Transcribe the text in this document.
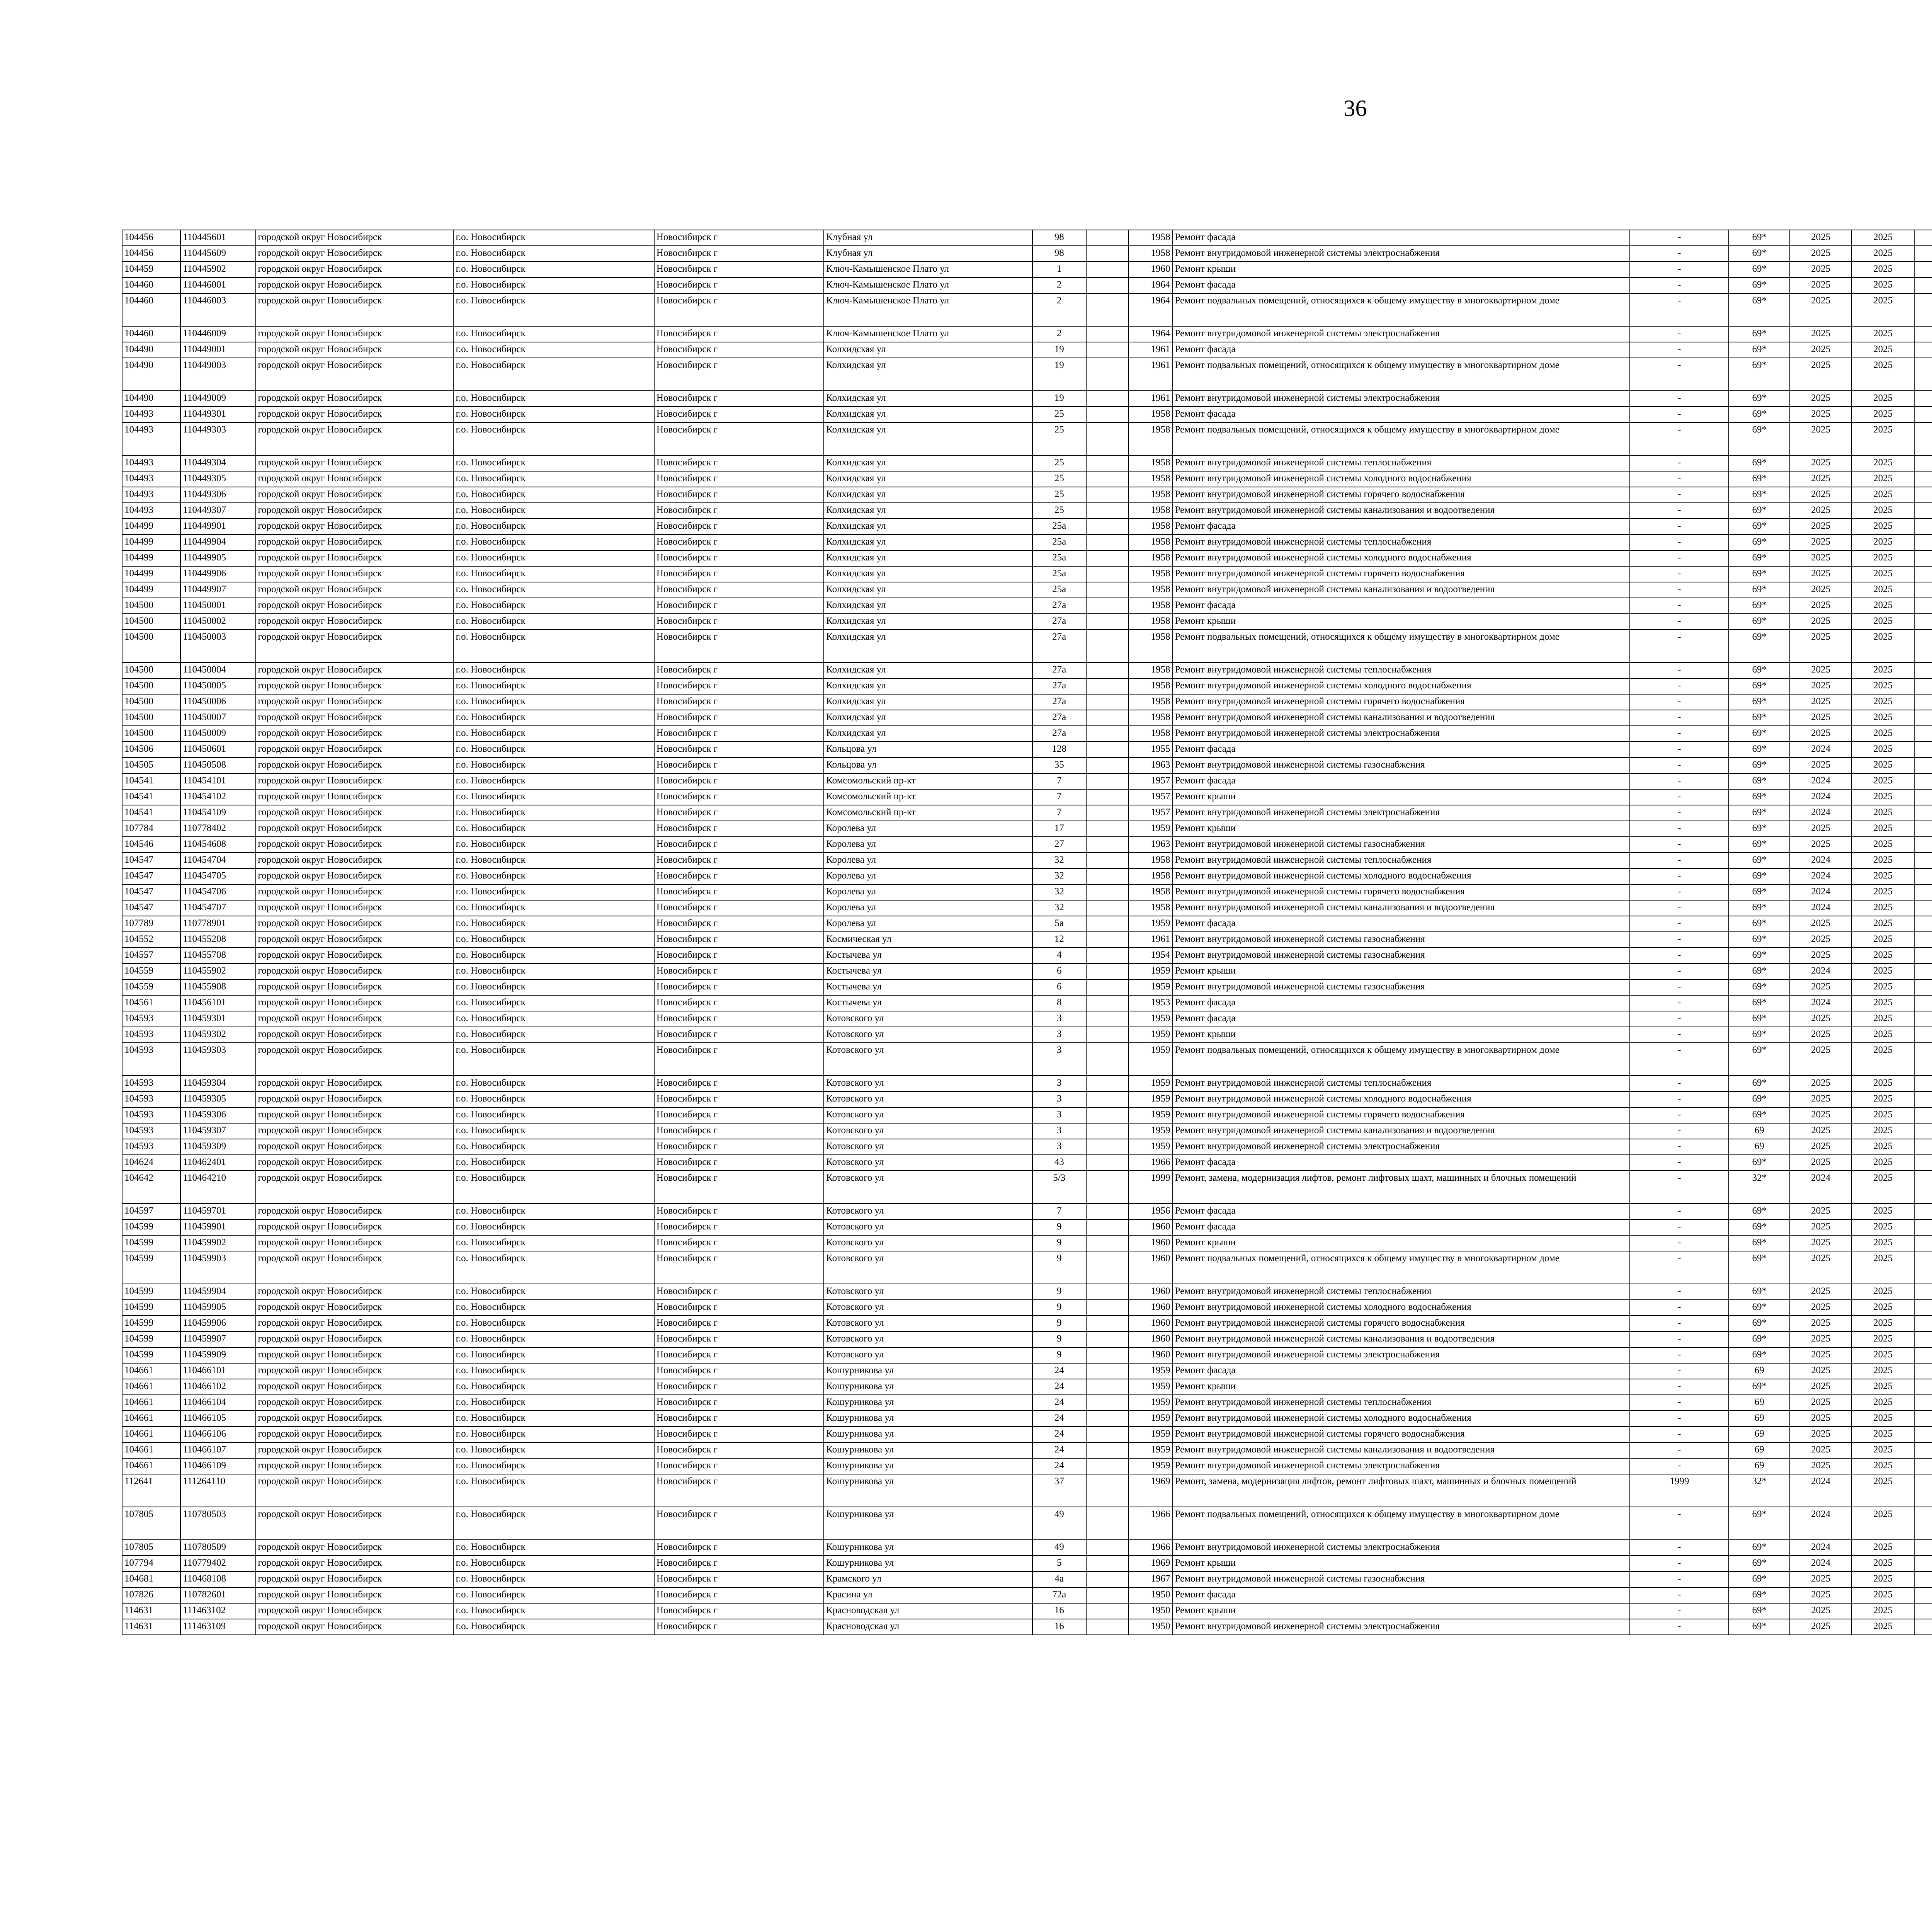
36
104456	110445601	городской округ Новосибирск	г.о. Новосибирск	Новосибирск г	Клубная ул	98		1958	Ремонт фасада	-	69*	2025	2025							
104456	110445609	городской округ Новосибирск	г.о. Новосибирск	Новосибирск г	Клубная ул	98		1958	Ремонт внутридомовой инженерной системы электроснабжения	-	69*	2025	2025							
104459	110445902	городской округ Новосибирск	г.о. Новосибирск	Новосибирск г	Ключ-Камышенское Плато ул	1		1960	Ремонт крыши	-	69*	2025	2025							
104460	110446001	городской округ Новосибирск	г.о. Новосибирск	Новосибирск г	Ключ-Камышенское Плато ул	2		1964	Ремонт фасада	-	69*	2025	2025							
104460	110446003	городской округ Новосибирск	г.о. Новосибирск	Новосибирск г	Ключ-Камышенское Плато ул	2		1964	Ремонт подвальных помещений, относящихся к общему имуществу в многоквартирном доме	-	69*	2025	2025							
104460	110446009	городской округ Новосибирск	г.о. Новосибирск	Новосибирск г	Ключ-Камышенское Плато ул	2		1964	Ремонт внутридомовой инженерной системы электроснабжения	-	69*	2025	2025							
104490	110449001	городской округ Новосибирск	г.о. Новосибирск	Новосибирск г	Колхидская ул	19		1961	Ремонт фасада	-	69*	2025	2025							
104490	110449003	городской округ Новосибирск	г.о. Новосибирск	Новосибирск г	Колхидская ул	19		1961	Ремонт подвальных помещений, относящихся к общему имуществу в многоквартирном доме	-	69*	2025	2025							
104490	110449009	городской округ Новосибирск	г.о. Новосибирск	Новосибирск г	Колхидская ул	19		1961	Ремонт внутридомовой инженерной системы электроснабжения	-	69*	2025	2025							
104493	110449301	городской округ Новосибирск	г.о. Новосибирск	Новосибирск г	Колхидская ул	25		1958	Ремонт фасада	-	69*	2025	2025							
104493	110449303	городской округ Новосибирск	г.о. Новосибирск	Новосибирск г	Колхидская ул	25		1958	Ремонт подвальных помещений, относящихся к общему имуществу в многоквартирном доме	-	69*	2025	2025							
104493	110449304	городской округ Новосибирск	г.о. Новосибирск	Новосибирск г	Колхидская ул	25		1958	Ремонт внутридомовой инженерной системы теплоснабжения	-	69*	2025	2025							
104493	110449305	городской округ Новосибирск	г.о. Новосибирск	Новосибирск г	Колхидская ул	25		1958	Ремонт внутридомовой инженерной системы холодного водоснабжения	-	69*	2025	2025							
104493	110449306	городской округ Новосибирск	г.о. Новосибирск	Новосибирск г	Колхидская ул	25		1958	Ремонт внутридомовой инженерной системы горячего водоснабжения	-	69*	2025	2025							
104493	110449307	городской округ Новосибирск	г.о. Новосибирск	Новосибирск г	Колхидская ул	25		1958	Ремонт внутридомовой инженерной системы канализования и водоотведения	-	69*	2025	2025							
104499	110449901	городской округ Новосибирск	г.о. Новосибирск	Новосибирск г	Колхидская ул	25а		1958	Ремонт фасада	-	69*	2025	2025							
104499	110449904	городской округ Новосибирск	г.о. Новосибирск	Новосибирск г	Колхидская ул	25а		1958	Ремонт внутридомовой инженерной системы теплоснабжения	-	69*	2025	2025							
104499	110449905	городской округ Новосибирск	г.о. Новосибирск	Новосибирск г	Колхидская ул	25а		1958	Ремонт внутридомовой инженерной системы холодного водоснабжения	-	69*	2025	2025							
104499	110449906	городской округ Новосибирск	г.о. Новосибирск	Новосибирск г	Колхидская ул	25а		1958	Ремонт внутридомовой инженерной системы горячего водоснабжения	-	69*	2025	2025							
104499	110449907	городской округ Новосибирск	г.о. Новосибирск	Новосибирск г	Колхидская ул	25а		1958	Ремонт внутридомовой инженерной системы канализования и водоотведения	-	69*	2025	2025							
104500	110450001	городской округ Новосибирск	г.о. Новосибирск	Новосибирск г	Колхидская ул	27а		1958	Ремонт фасада	-	69*	2025	2025							
104500	110450002	городской округ Новосибирск	г.о. Новосибирск	Новосибирск г	Колхидская ул	27а		1958	Ремонт крыши	-	69*	2025	2025							
104500	110450003	городской округ Новосибирск	г.о. Новосибирск	Новосибирск г	Колхидская ул	27а		1958	Ремонт подвальных помещений, относящихся к общему имуществу в многоквартирном доме	-	69*	2025	2025							
104500	110450004	городской округ Новосибирск	г.о. Новосибирск	Новосибирск г	Колхидская ул	27а		1958	Ремонт внутридомовой инженерной системы теплоснабжения	-	69*	2025	2025							
104500	110450005	городской округ Новосибирск	г.о. Новосибирск	Новосибирск г	Колхидская ул	27а		1958	Ремонт внутридомовой инженерной системы холодного водоснабжения	-	69*	2025	2025							
104500	110450006	городской округ Новосибирск	г.о. Новосибирск	Новосибирск г	Колхидская ул	27а		1958	Ремонт внутридомовой инженерной системы горячего водоснабжения	-	69*	2025	2025							
104500	110450007	городской округ Новосибирск	г.о. Новосибирск	Новосибирск г	Колхидская ул	27а		1958	Ремонт внутридомовой инженерной системы канализования и водоотведения	-	69*	2025	2025							
104500	110450009	городской округ Новосибирск	г.о. Новосибирск	Новосибирск г	Колхидская ул	27а		1958	Ремонт внутридомовой инженерной системы электроснабжения	-	69*	2025	2025							
104506	110450601	городской округ Новосибирск	г.о. Новосибирск	Новосибирск г	Кольцова ул	128		1955	Ремонт фасада	-	69*	2024	2025							
104505	110450508	городской округ Новосибирск	г.о. Новосибирск	Новосибирск г	Кольцова ул	35		1963	Ремонт внутридомовой инженерной системы газоснабжения	-	69*	2025	2025							
104541	110454101	городской округ Новосибирск	г.о. Новосибирск	Новосибирск г	Комсомольский пр-кт	7		1957	Ремонт фасада	-	69*	2024	2025							
104541	110454102	городской округ Новосибирск	г.о. Новосибирск	Новосибирск г	Комсомольский пр-кт	7		1957	Ремонт крыши	-	69*	2024	2025							
104541	110454109	городской округ Новосибирск	г.о. Новосибирск	Новосибирск г	Комсомольский пр-кт	7		1957	Ремонт внутридомовой инженерной системы электроснабжения	-	69*	2024	2025							
107784	110778402	городской округ Новосибирск	г.о. Новосибирск	Новосибирск г	Королева ул	17		1959	Ремонт крыши	-	69*	2025	2025							
104546	110454608	городской округ Новосибирск	г.о. Новосибирск	Новосибирск г	Королева ул	27		1963	Ремонт внутридомовой инженерной системы газоснабжения	-	69*	2025	2025							
104547	110454704	городской округ Новосибирск	г.о. Новосибирск	Новосибирск г	Королева ул	32		1958	Ремонт внутридомовой инженерной системы теплоснабжения	-	69*	2024	2025							
104547	110454705	городской округ Новосибирск	г.о. Новосибирск	Новосибирск г	Королева ул	32		1958	Ремонт внутридомовой инженерной системы холодного водоснабжения	-	69*	2024	2025							
104547	110454706	городской округ Новосибирск	г.о. Новосибирск	Новосибирск г	Королева ул	32		1958	Ремонт внутридомовой инженерной системы горячего водоснабжения	-	69*	2024	2025							
104547	110454707	городской округ Новосибирск	г.о. Новосибирск	Новосибирск г	Королева ул	32		1958	Ремонт внутридомовой инженерной системы канализования и водоотведения	-	69*	2024	2025							
107789	110778901	городской округ Новосибирск	г.о. Новосибирск	Новосибирск г	Королева ул	5а		1959	Ремонт фасада	-	69*	2025	2025							
104552	110455208	городской округ Новосибирск	г.о. Новосибирск	Новосибирск г	Космическая ул	12		1961	Ремонт внутридомовой инженерной системы газоснабжения	-	69*	2025	2025							
104557	110455708	городской округ Новосибирск	г.о. Новосибирск	Новосибирск г	Костычева ул	4		1954	Ремонт внутридомовой инженерной системы газоснабжения	-	69*	2025	2025							
104559	110455902	городской округ Новосибирск	г.о. Новосибирск	Новосибирск г	Костычева ул	6		1959	Ремонт крыши	-	69*	2024	2025							
104559	110455908	городской округ Новосибирск	г.о. Новосибирск	Новосибирск г	Костычева ул	6		1959	Ремонт внутридомовой инженерной системы газоснабжения	-	69*	2025	2025							
104561	110456101	городской округ Новосибирск	г.о. Новосибирск	Новосибирск г	Костычева ул	8		1953	Ремонт фасада	-	69*	2024	2025							
104593	110459301	городской округ Новосибирск	г.о. Новосибирск	Новосибирск г	Котовского ул	3		1959	Ремонт фасада	-	69*	2025	2025							
104593	110459302	городской округ Новосибирск	г.о. Новосибирск	Новосибирск г	Котовского ул	3		1959	Ремонт крыши	-	69*	2025	2025							
104593	110459303	городской округ Новосибирск	г.о. Новосибирск	Новосибирск г	Котовского ул	3		1959	Ремонт подвальных помещений, относящихся к общему имуществу в многоквартирном доме	-	69*	2025	2025							
104593	110459304	городской округ Новосибирск	г.о. Новосибирск	Новосибирск г	Котовского ул	3		1959	Ремонт внутридомовой инженерной системы теплоснабжения	-	69*	2025	2025							
104593	110459305	городской округ Новосибирск	г.о. Новосибирск	Новосибирск г	Котовского ул	3		1959	Ремонт внутридомовой инженерной системы холодного водоснабжения	-	69*	2025	2025							
104593	110459306	городской округ Новосибирск	г.о. Новосибирск	Новосибирск г	Котовского ул	3		1959	Ремонт внутридомовой инженерной системы горячего водоснабжения	-	69*	2025	2025							
104593	110459307	городской округ Новосибирск	г.о. Новосибирск	Новосибирск г	Котовского ул	3		1959	Ремонт внутридомовой инженерной системы канализования и водоотведения	-	69	2025	2025							
104593	110459309	городской округ Новосибирск	г.о. Новосибирск	Новосибирск г	Котовского ул	3		1959	Ремонт внутридомовой инженерной системы электроснабжения	-	69	2025	2025							
104624	110462401	городской округ Новосибирск	г.о. Новосибирск	Новосибирск г	Котовского ул	43		1966	Ремонт фасада	-	69*	2025	2025							
104642	110464210	городской округ Новосибирск	г.о. Новосибирск	Новосибирск г	Котовского ул	5/3		1999	Ремонт, замена, модернизация лифтов, ремонт лифтовых шахт, машинных и блочных помещений	-	32*	2024	2025							
104597	110459701	городской округ Новосибирск	г.о. Новосибирск	Новосибирск г	Котовского ул	7		1956	Ремонт фасада	-	69*	2025	2025							
104599	110459901	городской округ Новосибирск	г.о. Новосибирск	Новосибирск г	Котовского ул	9		1960	Ремонт фасада	-	69*	2025	2025							
104599	110459902	городской округ Новосибирск	г.о. Новосибирск	Новосибирск г	Котовского ул	9		1960	Ремонт крыши	-	69*	2025	2025							
104599	110459903	городской округ Новосибирск	г.о. Новосибирск	Новосибирск г	Котовского ул	9		1960	Ремонт подвальных помещений, относящихся к общему имуществу в многоквартирном доме	-	69*	2025	2025							
104599	110459904	городской округ Новосибирск	г.о. Новосибирск	Новосибирск г	Котовского ул	9		1960	Ремонт внутридомовой инженерной системы теплоснабжения	-	69*	2025	2025							
104599	110459905	городской округ Новосибирск	г.о. Новосибирск	Новосибирск г	Котовского ул	9		1960	Ремонт внутридомовой инженерной системы холодного водоснабжения	-	69*	2025	2025							
104599	110459906	городской округ Новосибирск	г.о. Новосибирск	Новосибирск г	Котовского ул	9		1960	Ремонт внутридомовой инженерной системы горячего водоснабжения	-	69*	2025	2025							
104599	110459907	городской округ Новосибирск	г.о. Новосибирск	Новосибирск г	Котовского ул	9		1960	Ремонт внутридомовой инженерной системы канализования и водоотведения	-	69*	2025	2025							
104599	110459909	городской округ Новосибирск	г.о. Новосибирск	Новосибирск г	Котовского ул	9		1960	Ремонт внутридомовой инженерной системы электроснабжения	-	69*	2025	2025							
104661	110466101	городской округ Новосибирск	г.о. Новосибирск	Новосибирск г	Кошурникова ул	24		1959	Ремонт фасада	-	69	2025	2025							
104661	110466102	городской округ Новосибирск	г.о. Новосибирск	Новосибирск г	Кошурникова ул	24		1959	Ремонт крыши	-	69*	2025	2025							
104661	110466104	городской округ Новосибирск	г.о. Новосибирск	Новосибирск г	Кошурникова ул	24		1959	Ремонт внутридомовой инженерной системы теплоснабжения	-	69	2025	2025							
104661	110466105	городской округ Новосибирск	г.о. Новосибирск	Новосибирск г	Кошурникова ул	24		1959	Ремонт внутридомовой инженерной системы холодного водоснабжения	-	69	2025	2025							
104661	110466106	городской округ Новосибирск	г.о. Новосибирск	Новосибирск г	Кошурникова ул	24		1959	Ремонт внутридомовой инженерной системы горячего водоснабжения	-	69	2025	2025							
104661	110466107	городской округ Новосибирск	г.о. Новосибирск	Новосибирск г	Кошурникова ул	24		1959	Ремонт внутридомовой инженерной системы канализования и водоотведения	-	69	2025	2025							
104661	110466109	городской округ Новосибирск	г.о. Новосибирск	Новосибирск г	Кошурникова ул	24		1959	Ремонт внутридомовой инженерной системы электроснабжения	-	69	2025	2025							
112641	111264110	городской округ Новосибирск	г.о. Новосибирск	Новосибирск г	Кошурникова ул	37		1969	Ремонт, замена, модернизация лифтов, ремонт лифтовых шахт, машинных и блочных помещений	1999	32*	2024	2025							
107805	110780503	городской округ Новосибирск	г.о. Новосибирск	Новосибирск г	Кошурникова ул	49		1966	Ремонт подвальных помещений, относящихся к общему имуществу в многоквартирном доме	-	69*	2024	2025							
107805	110780509	городской округ Новосибирск	г.о. Новосибирск	Новосибирск г	Кошурникова ул	49		1966	Ремонт внутридомовой инженерной системы электроснабжения	-	69*	2024	2025							
107794	110779402	городской округ Новосибирск	г.о. Новосибирск	Новосибирск г	Кошурникова ул	5		1969	Ремонт крыши	-	69*	2024	2025							
104681	110468108	городской округ Новосибирск	г.о. Новосибирск	Новосибирск г	Крамского ул	4а		1967	Ремонт внутридомовой инженерной системы газоснабжения	-	69*	2025	2025							
107826	110782601	городской округ Новосибирск	г.о. Новосибирск	Новосибирск г	Красина ул	72а		1950	Ремонт фасада	-	69*	2025	2025							
114631	111463102	городской округ Новосибирск	г.о. Новосибирск	Новосибирск г	Красноводская ул	16		1950	Ремонт крыши	-	69*	2025	2025							
114631	111463109	городской округ Новосибирск	г.о. Новосибирск	Новосибирск г	Красноводская ул	16		1950	Ремонт внутридомовой инженерной системы электроснабжения	-	69*	2025	2025							
